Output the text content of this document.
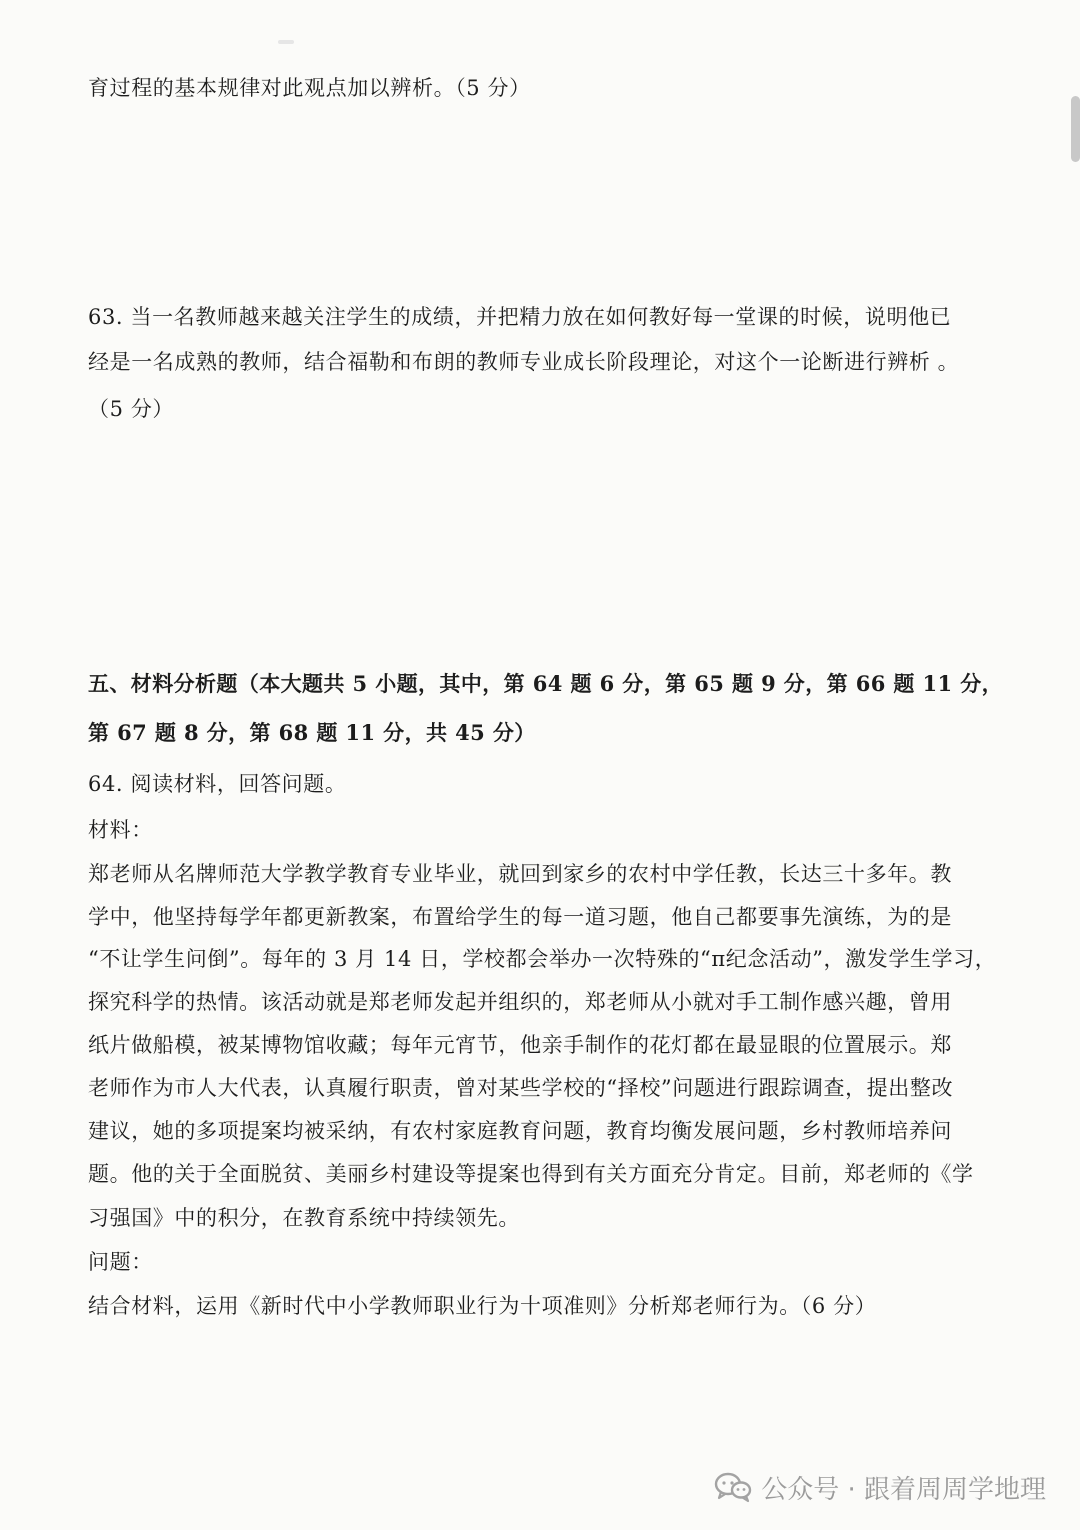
育过程的基本规律对此观点加以辨析。（5 分）
63. 当一名教师越来越关注学生的成绩，并把精力放在如何教好每一堂课的时候，说明他已
经是一名成熟的教师，结合福勒和布朗的教师专业成长阶段理论，对这个一论断进行辨析 。
（5 分）
五、材料分析题（本大题共 5 小题，其中，第 64 题 6 分，第 65 题 9 分，第 66 题 11 分，
第 67 题 8 分，第 68 题 11 分，共 45 分）
64. 阅读材料，回答问题。
材料：
郑老师从名牌师范大学教学教育专业毕业，就回到家乡的农村中学任教，长达三十多年。教
学中，他坚持每学年都更新教案，布置给学生的每一道习题，他自己都要事先演练，为的是
“不让学生问倒”。每年的 3 月 14 日，学校都会举办一次特殊的“π纪念活动”，激发学生学习，
探究科学的热情。该活动就是郑老师发起并组织的，郑老师从小就对手工制作感兴趣，曾用
纸片做船模，被某博物馆收藏；每年元宵节，他亲手制作的花灯都在最显眼的位置展示。郑
老师作为市人大代表，认真履行职责，曾对某些学校的“择校”问题进行跟踪调查，提出整改
建议，她的多项提案均被采纳，有农村家庭教育问题，教育均衡发展问题，乡村教师培养问
题。他的关于全面脱贫、美丽乡村建设等提案也得到有关方面充分肯定。目前，郑老师的《学
习强国》中的积分，在教育系统中持续领先。
问题：
结合材料，运用《新时代中小学教师职业行为十项准则》分析郑老师行为。（6 分）
公众号 · 跟着周周学地理
